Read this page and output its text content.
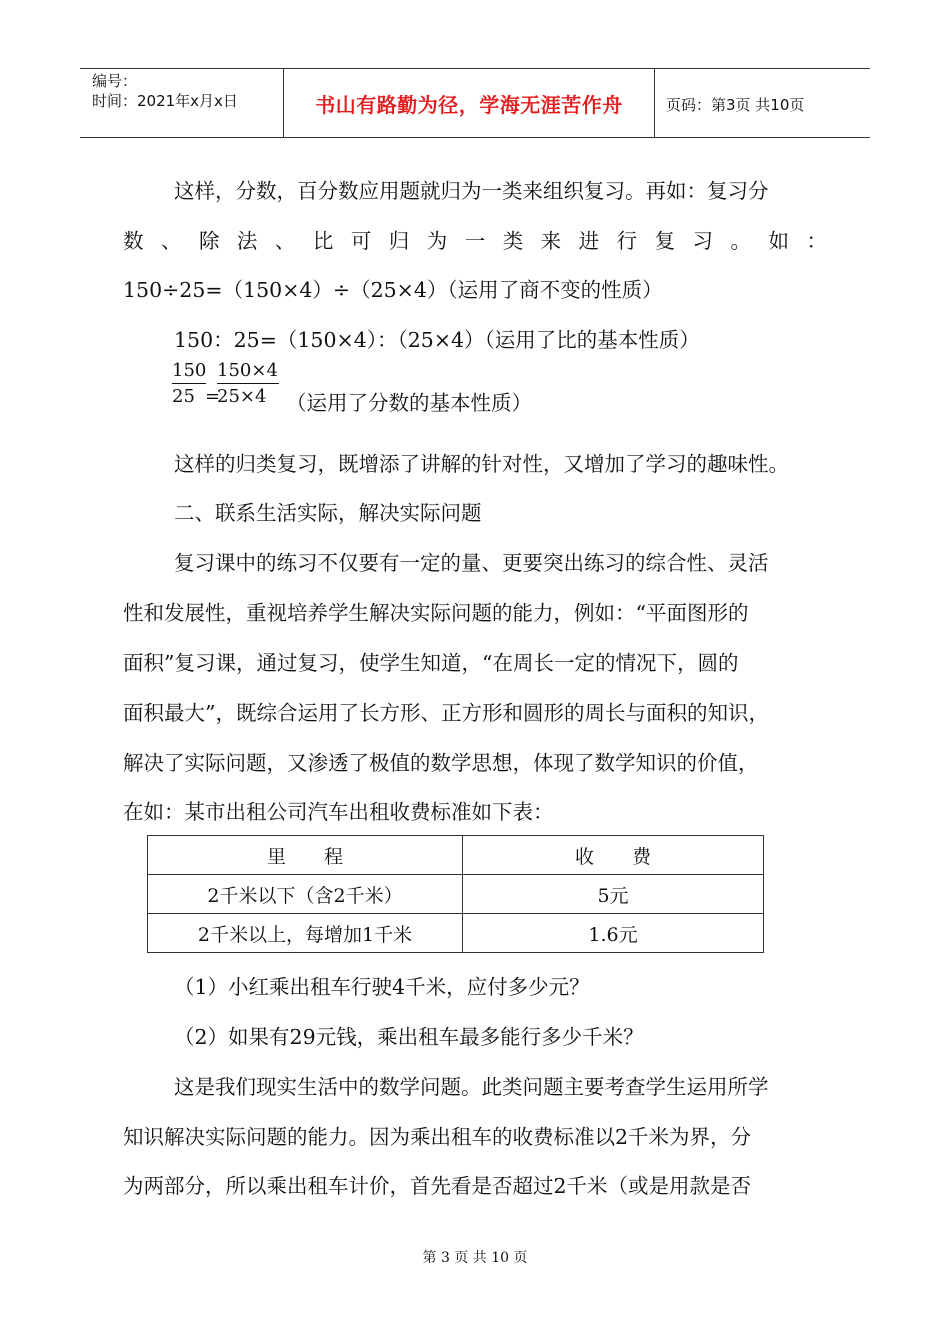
编号：
时间：2021年x月x日	书山有路勤为径，学海无涯苦作舟	页码：第3页 共10页
这样，分数，百分数应用题就归为一类来组织复习。再如：复习分
数 、 除 法 、 比 可 归 为 一 类 来 进 行 复 习 。 如 ：
150÷25=（150×4）÷（25×4）（运用了商不变的性质）
150：25=（150×4）：（25×4）（运用了比的基本性质）
150
25
150×4
=
25×4 （运用了分数的基本性质）
这样的归类复习，既增添了讲解的针对性，又增加了学习的趣味性。
二、联系生活实际，解决实际问题
复习课中的练习不仅要有一定的量、更要突出练习的综合性、灵活
性和发展性，重视培养学生解决实际问题的能力，例如：“平面图形的
面积”复习课，通过复习，使学生知道，“在周长一定的情况下，圆的
面积最大”，既综合运用了长方形、正方形和圆形的周长与面积的知识，
解决了实际问题，又渗透了极值的数学思想，体现了数学知识的价值，
在如：某市出租公司汽车出租收费标准如下表：
里　　程	收　　费
2千米以下（含2千米）	5元
2千米以上，每增加1千米	1.6元
（1）小红乘出租车行驶4千米，应付多少元？
（2）如果有29元钱，乘出租车最多能行多少千米？
这是我们现实生活中的数学问题。此类问题主要考查学生运用所学
知识解决实际问题的能力。因为乘出租车的收费标准以2千米为界，分
为两部分，所以乘出租车计价，首先看是否超过2千米（或是用款是否
第 3 页 共 10 页
